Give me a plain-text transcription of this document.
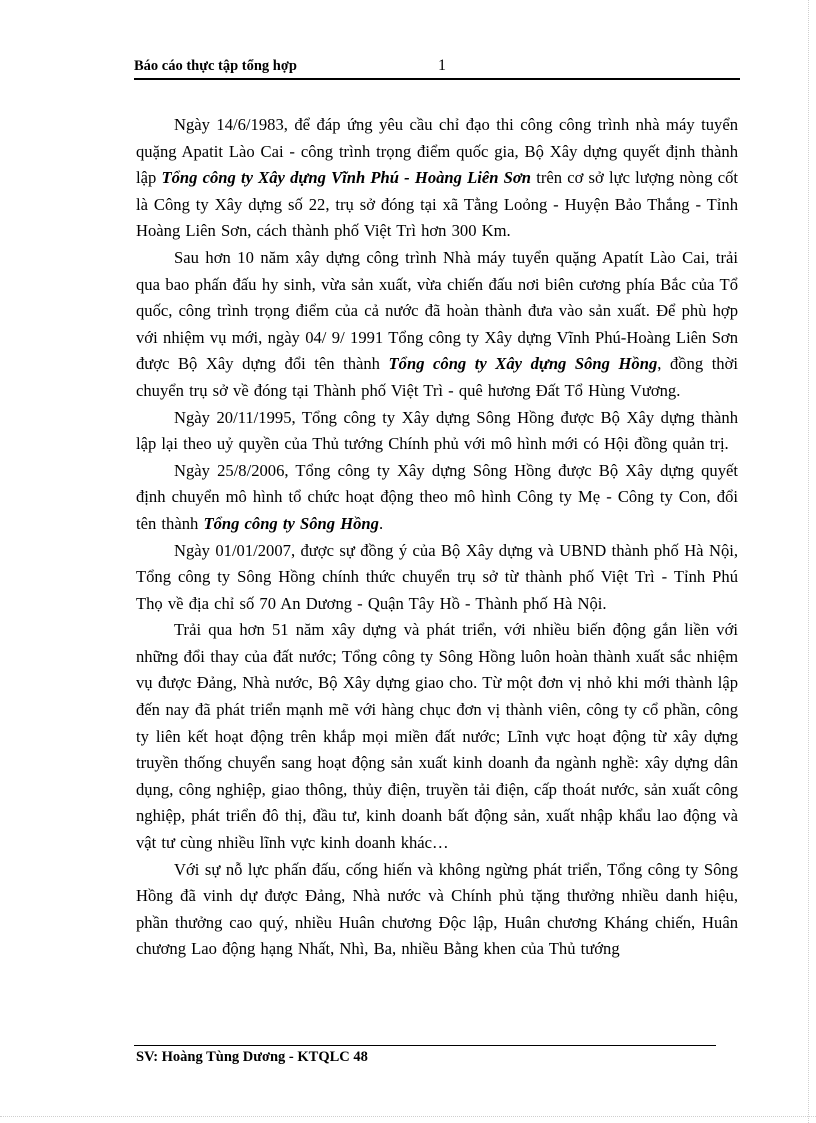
Báo cáo thực tập tổng hợp	1

Ngày 14/6/1983, để đáp ứng yêu cầu chỉ đạo thi công công trình nhà máy tuyển quặng Apatit Lào Cai - công trình trọng điểm quốc gia, Bộ Xây dựng quyết định thành lập Tổng công ty Xây dựng Vĩnh Phú - Hoàng Liên Sơn trên cơ sở lực lượng nòng cốt là Công ty Xây dựng số 22, trụ sở đóng tại xã Tằng Loỏng - Huyện Bảo Thắng - Tỉnh Hoàng Liên Sơn, cách thành phố Việt Trì hơn 300 Km.

Sau hơn 10 năm xây dựng công trình Nhà máy tuyển quặng Apatít Lào Cai, trải qua bao phấn đấu hy sinh, vừa sản xuất, vừa chiến đấu nơi biên cương phía Bắc của Tổ quốc, công trình trọng điểm của cả nước đã hoàn thành đưa vào sản xuất. Để phù hợp với nhiệm vụ mới, ngày 04/ 9/ 1991 Tổng công ty Xây dựng Vĩnh Phú-Hoàng Liên Sơn được Bộ Xây dựng đổi tên thành Tổng công ty Xây dựng Sông Hồng, đồng thời chuyển trụ sở về đóng tại Thành phố Việt Trì - quê hương Đất Tổ Hùng Vương.

Ngày 20/11/1995, Tổng công ty Xây dựng Sông Hồng được Bộ Xây dựng thành lập lại theo uỷ quyền của Thủ tướng Chính phủ với mô hình mới có Hội đồng quản trị.

Ngày 25/8/2006, Tổng công ty Xây dựng Sông Hồng được Bộ Xây dựng quyết định chuyển mô hình tổ chức hoạt động theo mô hình Công ty Mẹ - Công ty Con, đổi tên thành Tổng công ty Sông Hồng.

Ngày 01/01/2007, được sự đồng ý của Bộ Xây dựng và UBND thành phố Hà Nội, Tổng công ty Sông Hồng chính thức chuyển trụ sở từ thành phố Việt Trì - Tỉnh Phú Thọ về địa chỉ số 70 An Dương - Quận Tây Hồ - Thành phố Hà Nội.

Trải qua hơn 51 năm xây dựng và phát triển, với nhiều biến động gắn liền với những đổi thay của đất nước; Tổng công ty Sông Hồng luôn hoàn thành xuất sắc nhiệm vụ được Đảng, Nhà nước, Bộ Xây dựng giao cho. Từ một đơn vị nhỏ khi mới thành lập đến nay đã phát triển mạnh mẽ với hàng chục đơn vị thành viên, công ty cổ phần, công ty liên kết hoạt động trên khắp mọi miền đất nước; Lĩnh vực hoạt động từ xây dựng truyền thống chuyển sang hoạt động sản xuất kinh doanh đa ngành nghề: xây dựng dân dụng, công nghiệp, giao thông, thủy điện, truyền tải điện, cấp thoát nước, sản xuất công nghiệp, phát triển đô thị, đầu tư, kinh doanh bất động sản, xuất nhập khẩu lao động và vật tư cùng nhiều lĩnh vực kinh doanh khác…

Với sự nỗ lực phấn đấu, cống hiến và không ngừng phát triển, Tổng công ty Sông Hồng đã vinh dự được Đảng, Nhà nước và Chính phủ tặng thưởng nhiều danh hiệu, phần thưởng cao quý, nhiều Huân chương Độc lập, Huân chương Kháng chiến, Huân chương Lao động hạng Nhất, Nhì, Ba, nhiều Bằng khen của Thủ tướng

SV: Hoàng Tùng Dương - KTQLC 48
